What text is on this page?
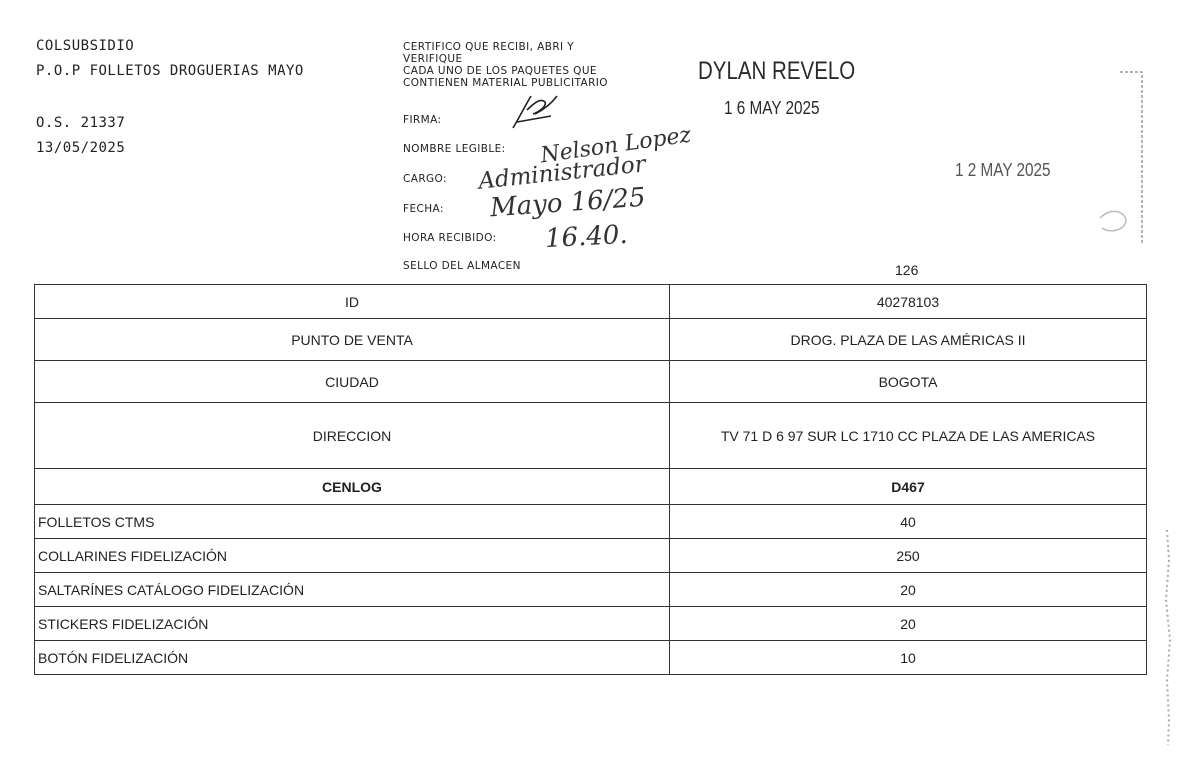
COLSUBSIDIO
P.O.P FOLLETOS DROGUERIAS MAYO
O.S. 21337
13/05/2025
CERTIFICO QUE RECIBI, ABRI Y
VERIFIQUE
CADA UNO DE LOS PAQUETES QUE
CONTIENEN MATERIAL PUBLICITARIO
FIRMA:
NOMBRE LEGIBLE: Nelson Lopez
CARGO: Administrador
FECHA: Mayo 16/25
HORA RECIBIDO: 16.40.
SELLO DEL ALMACEN
DYLAN REVELO
1 6 MAY 2025
1 2 MAY 2025
126
ID	40278103
PUNTO DE VENTA	DROG. PLAZA DE LAS AMÉRICAS II
CIUDAD	BOGOTA
DIRECCION	TV 71 D 6 97 SUR LC 1710 CC PLAZA DE LAS AMERICAS
CENLOG	D467
FOLLETOS CTMS	40
COLLARINES FIDELIZACIÓN	250
SALTARÍNES CATÁLOGO FIDELIZACIÓN	20
STICKERS FIDELIZACIÓN	20
BOTÓN FIDELIZACIÓN	10
